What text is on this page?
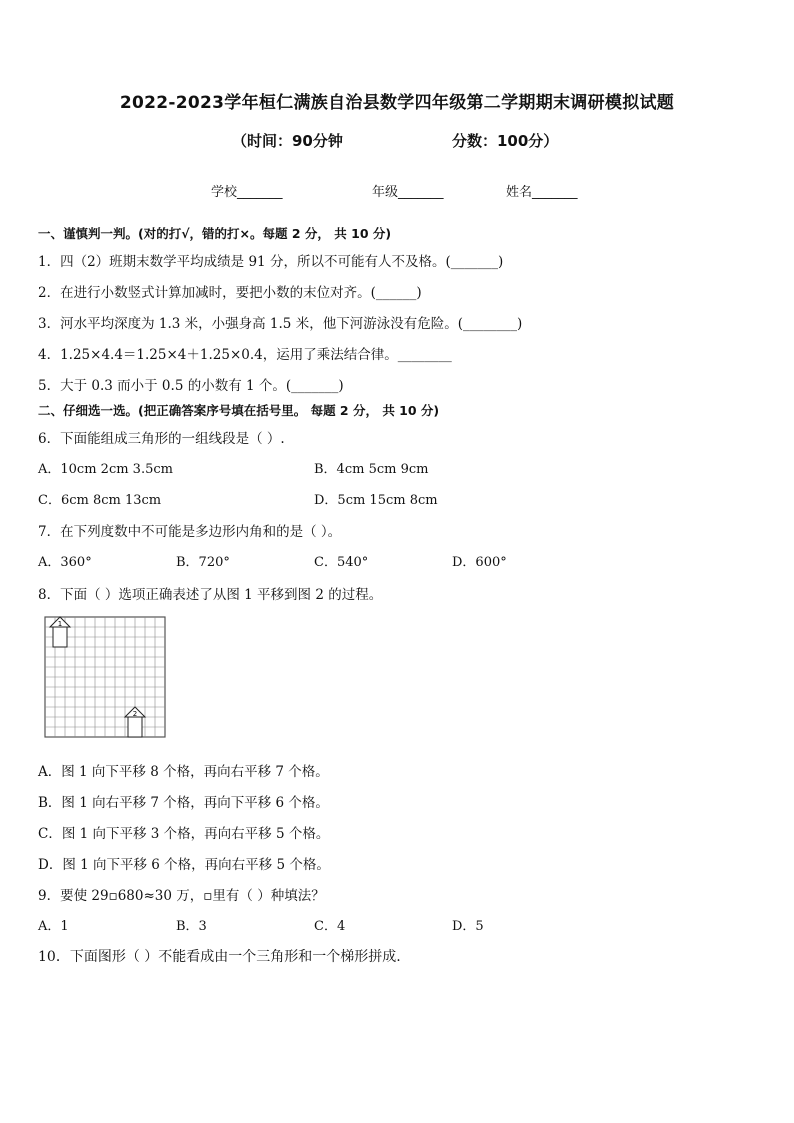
2022-2023学年桓仁满族自治县数学四年级第二学期期末调研模拟试题
（时间：90分钟	分数：100分）
学校_______	年级_______	姓名_______
一、谨慎判一判。(对的打√，错的打×。每题 2 分， 共 10 分)
1．四（2）班期末数学平均成绩是 91 分，所以不可能有人不及格。(_______)
2．在进行小数竖式计算加减时，要把小数的末位对齐。(______)
3．河水平均深度为 1.3 米，小强身高 1.5 米，他下河游泳没有危险。(________)
4．1.25×4.4＝1.25×4＋1.25×0.4，运用了乘法结合律。________
5．大于 0.3 而小于 0.5 的小数有 1 个。(_______)
二、仔细选一选。(把正确答案序号填在括号里。 每题 2 分， 共 10 分)
6．下面能组成三角形的一组线段是（ ）.
A．10cm 2cm 3.5cm	B．4cm 5cm 9cm
C．6cm 8cm 13cm	D．5cm 15cm 8cm
7．在下列度数中不可能是多边形内角和的是（ ）。
A．360°	B．720°	C．540°	D．600°
8．下面（ ）选项正确表述了从图 1 平移到图 2 的过程。
1
2
A．图 1 向下平移 8 个格，再向右平移 7 个格。
B．图 1 向右平移 7 个格，再向下平移 6 个格。
C．图 1 向下平移 3 个格，再向右平移 5 个格。
D．图 1 向下平移 6 个格，再向右平移 5 个格。
9．要使 29▫680≈30 万，▫里有（ ）种填法？
A．1	B．3	C．4	D．5
10．下面图形（ ）不能看成由一个三角形和一个梯形拼成.
